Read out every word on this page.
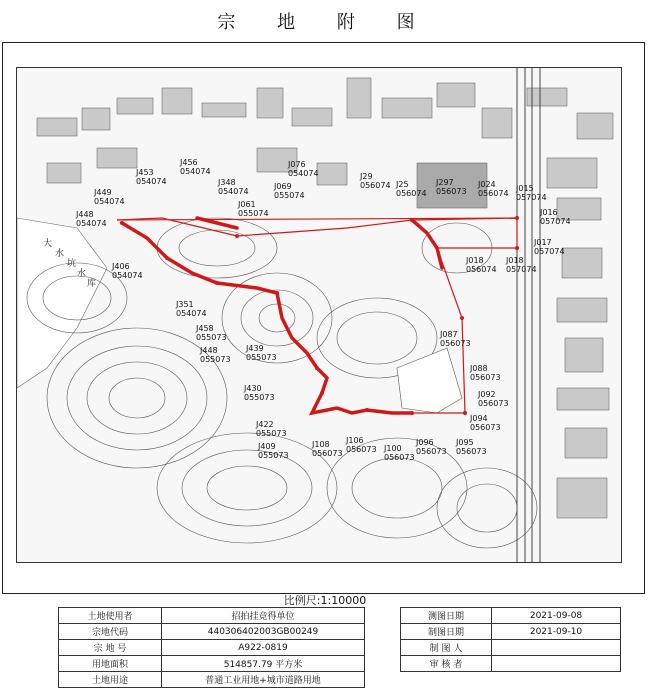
宗 地 附 图
大
水
坑
水
库
J453
054074
J456
054074
J076
054074
J449
054074
J348
054074
J069
055074
J29
056074	J297
056073
J25
056074
J024
056074
J015
057074
J448
054074
J061
055074	J016
057074
J017
057074
J406
054074
J018
056074
J018
057074
J351
054074
J458
055073	J087
056073
J448
055073
J439
055073
J088
056073
J430
055073	J092
056073
J094
056073
J422
055073
J409
055073
J108
056073
J106
056073 J100
056073
J096
056073
J095
056073
比例尺:1:10000
土地使用者	招拍挂竞得单位
宗地代码	440306402003GB00249
宗 地 号	A922-0819
用地面积	514857.79 平方米
土地用途	普通工业用地+城市道路用地
测图日期	2021-09-08
制图日期	2021-09-10
制 图 人	
审 核 者	
